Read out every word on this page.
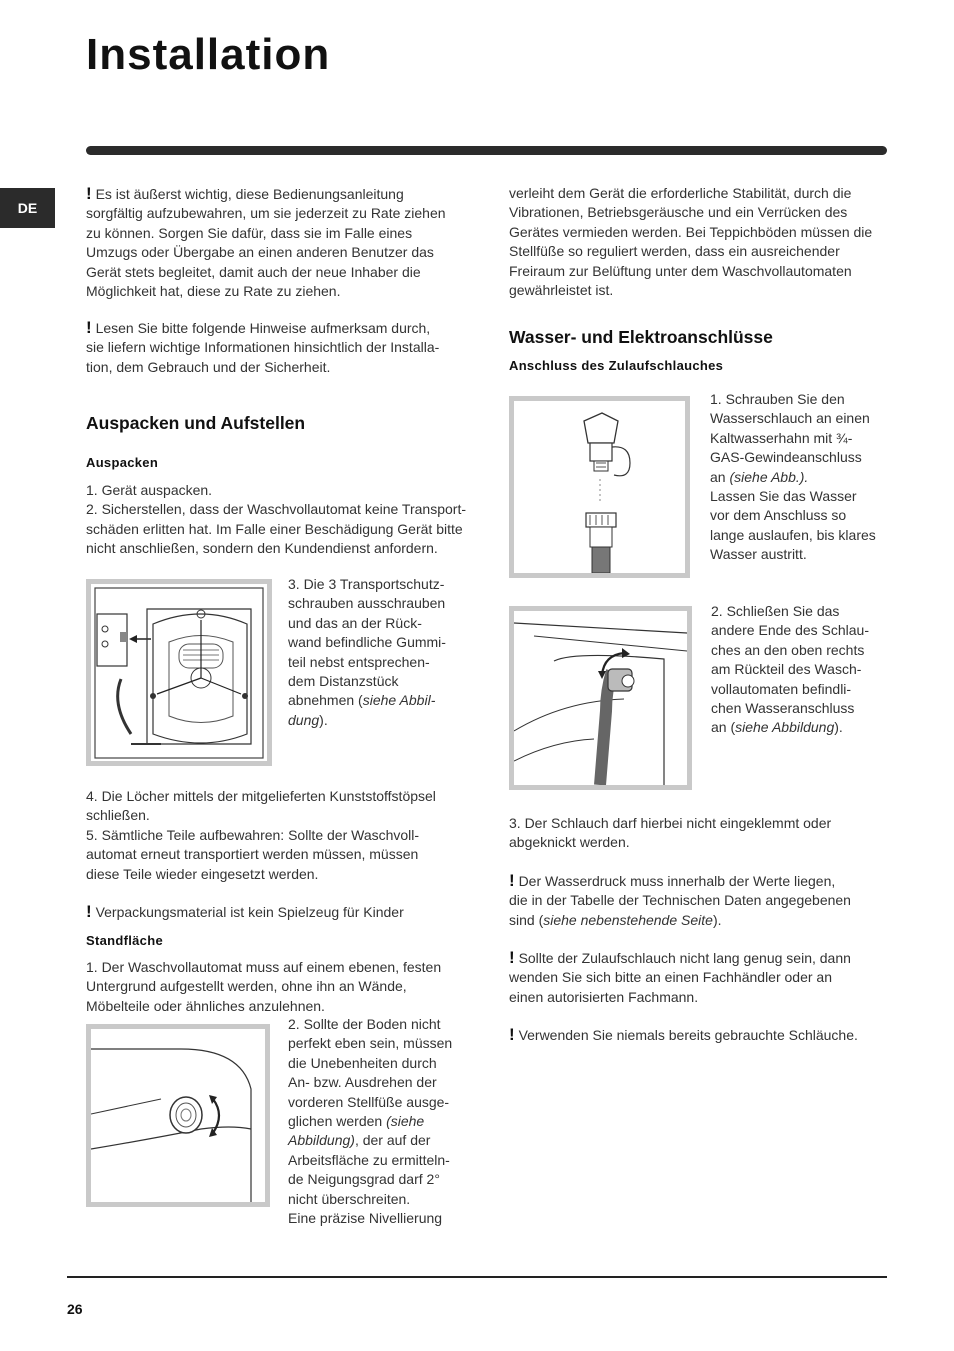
Installation
DE

! Es ist äußerst wichtig, diese Bedienungsanleitung
sorgfältig aufzubewahren, um sie jederzeit zu Rate ziehen
zu können. Sorgen Sie dafür, dass sie im Falle eines
Umzugs oder Übergabe an einen anderen Benutzer das
Gerät stets begleitet, damit auch der neue Inhaber die
Möglichkeit hat, diese zu Rate zu ziehen.

! Lesen Sie bitte folgende Hinweise aufmerksam durch,
sie liefern wichtige Informationen hinsichtlich der Installa-
tion, dem Gebrauch und der Sicherheit.

Auspacken und Aufstellen
Auspacken

1. Gerät auspacken.
2. Sicherstellen, dass der Waschvollautomat keine Transport-
schäden erlitten hat. Im Falle einer Beschädigung Gerät bitte
nicht anschließen, sondern den Kundendienst anfordern.

3. Die 3 Transportschutz-
schrauben ausschrauben
und das an der Rück-
wand befindliche Gummi-
teil nebst entsprechen-
dem Distanzstück
abnehmen (siehe Abbil-
dung).

4. Die Löcher mittels der mitgelieferten Kunststoffstöpsel
schließen.
5. Sämtliche Teile aufbewahren: Sollte der Waschvoll-
automat erneut transportiert werden müssen, müssen
diese Teile wieder eingesetzt werden.

! Verpackungsmaterial ist kein Spielzeug für Kinder

Standfläche

1. Der Waschvollautomat muss auf einem ebenen, festen
Untergrund aufgestellt werden, ohne ihn an Wände,
Möbelteile oder ähnliches anzulehnen.

2. Sollte der Boden nicht
perfekt eben sein, müssen
die Unebenheiten durch
An- bzw. Ausdrehen der
vorderen Stellfüße ausge-
glichen werden (siehe
Abbildung), der auf der
Arbeitsfläche zu ermitteln-
de Neigungsgrad darf 2°
nicht überschreiten.
Eine präzise Nivellierung

verleiht dem Gerät die erforderliche Stabilität, durch die
Vibrationen, Betriebsgeräusche und ein Verrücken des
Gerätes vermieden werden. Bei Teppichböden müssen die
Stellfüße so reguliert werden, dass ein ausreichender
Freiraum zur Belüftung unter dem Waschvollautomaten
gewährleistet ist.

Wasser- und Elektroanschlüsse
Anschluss des Zulaufschlauches

1. Schrauben Sie den
Wasserschlauch an einen
Kaltwasserhahn mit ¾-
GAS-Gewindeanschluss
an (siehe Abb.).
Lassen Sie das Wasser
vor dem Anschluss so
lange auslaufen, bis klares
Wasser austritt.

2. Schließen Sie das
andere Ende des Schlau-
ches an den oben rechts
am Rückteil des Wasch-
vollautomaten befindli-
chen Wasseranschluss
an (siehe Abbildung).

3. Der Schlauch darf hierbei nicht eingeklemmt oder
abgeknickt werden.

! Der Wasserdruck muss innerhalb der Werte liegen,
die in der Tabelle der Technischen Daten angegebenen
sind (siehe nebenstehende Seite).

! Sollte der Zulaufschlauch nicht lang genug sein, dann
wenden Sie sich bitte an einen Fachhändler oder an
einen autorisierten Fachmann.

! Verwenden Sie niemals bereits gebrauchte Schläuche.

26
